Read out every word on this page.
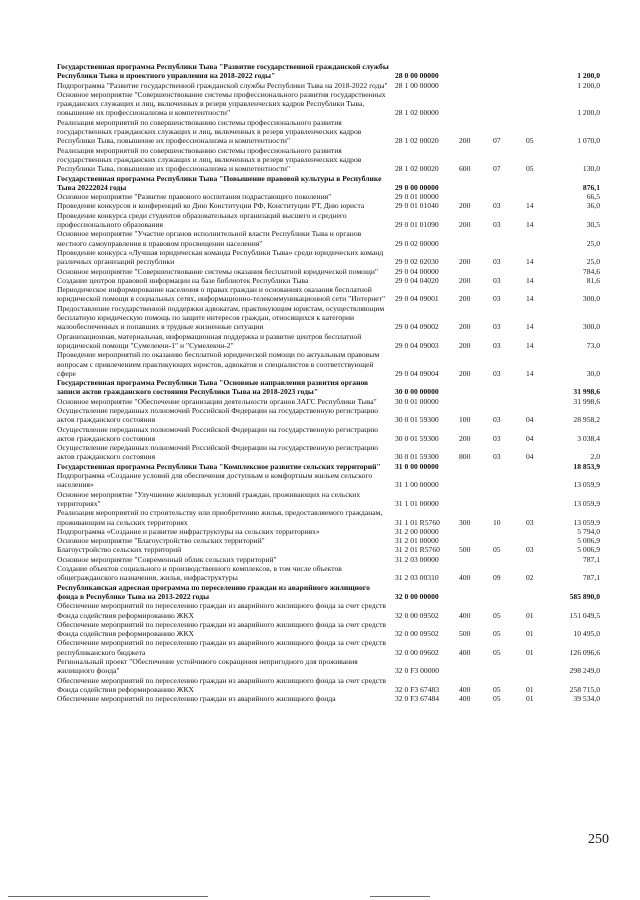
Государственная программа Республики Тыва "Развитие государственной гражданской службы Республики Тыва и проектного управления на 2018-2022 годы"	28 0 00 00000	1 200,0
Подпрограмма "Развитие государственной гражданской службы Республики Тыва на 2018-2022 годы" 28 1 00 00000	1 200,0
Основное мероприятие "Совершенствование системы профессионального развития государственных гражданских служащих и лиц, включенных в резерв управленческих кадров Республики Тыва, повышение их профессионализма и компетентности"	28 1 02 00000	1 200,0
Реализация мероприятий по совершенствованию системы профессионального развития государственных гражданских служащих и лиц, включенных в резерв управленческих кадров Республики Тыва, повышение их профессионализма и компетентности"	28 1 02 00020	200	07	05	1 070,0
Реализация мероприятий по совершенствованию системы профессионального развития государственных гражданских служащих и лиц, включенных в резерв управленческих кадров Республики Тыва, повышение их профессионализма и компетентности"	28 1 02 00020	600	07	05	130,0
Государственная программа Республики Тыва "Повышение правовой культуры в Республике Тыва 20222024 годы	29 0 00 00000	876,1
Основное мероприятие "Развитие правового воспитания подрастающего поколения"	29 0 01 00000	66,5
Проведение конкурсов и конференций ко Дню Конституции РФ, Конституции РТ, Дню юриста	29 0 01 01040	200	03	14	36,0
Проведение конкурса среди студентов образовательных организаций высшего и среднего профессионального образования	29 0 01 01090	200	03	14	30,5
Основное мероприятие "Участие органов исполнительной власти Республики Тыва и органов местного самоуправления в правовом просвещении населения"	29 0 02 00000	25,0
Проведение конкурса «Лучшая юридическая команда Республики Тыва» среди юридических команд различных организаций республики	29 0 02 02030	200	03	14	25,0
Основное мероприятие "Совершенствование системы оказания бесплатной юридической помощи"	29 0 04 00000	784,6
Создание центров правовой информации на базе библиотек Республики Тыва	29 0 04 04020	200	03	14	81,6
Периодическое информирование населения о правах граждан и основаниях оказания бесплатной юридической помощи в социальных сетях, информационно-телекоммуникационной сети "Интернет"	29 0 04 09001	200	03	14	300,0
Предоставление государственной поддержки адвокатам, практикующим юристам, осуществляющим бесплатную юридическую помощь по защите интересов граждан, относящихся к категории малообеспеченных и попавших в трудные жизненные ситуации	29 0 04 09002	200	03	14	300,0
Организационная, материальная, информационная поддержка и развитие центров бесплатной юридической помощи "Сумелекчи-1" и "Сумелекчи-2"	29 0 04 09003	200	03	14	73,0
Проведение мероприятий по оказанию бесплатной юридической помощи по актуальным правовым вопросам с привлечением практикующих юристов, адвокатов и специалистов в соответствующей сфере	29 0 04 09004	200	03	14	30,0
Государственная программа Республики Тыва "Основные направления развития органов записи актов гражданского состояния Республики Тыва на 2018-2023 годы"	30 0 00 00000	31 998,6
Основное мероприятие "Обеспечение организации деятельности органов ЗАГС Республики Тыва"	30 0 01 00000	31 998,6
Осуществление переданных полномочий Российской Федерации на государственную регистрацию актов гражданского состояния	30 0 01 59300	100	03	04	28 958,2
Осуществление переданных полномочий Российской Федерации на государственную регистрацию актов гражданского состояния	30 0 01 59300	200	03	04	3 038,4
Осуществление переданных полномочий Российской Федерации на государственную регистрацию актов гражданского состояния	30 0 01 59300	800	03	04	2,0
Государственная программа Республики Тыва "Комплексное развитие сельских территорий"	31 0 00 00000	18 853,9
Подпрограмма «Создание условий для обеспечения доступным и комфортным жильем сельского населения»	31 1 00 00000	13 059,9
Основное мероприятие "Улучшение жилищных условий граждан, проживающих на сельских территориях"	31 1 01 00000	13 059,9
Реализация мероприятий по строительству или приобретению жилья, предоставляемого гражданам, проживающим на сельских территориях	31 1 01 R5760	300	10	03	13 059,9
Подпрограмма «Создание и развитие инфраструктуры на сельских территориях»	31 2 00 00000	5 794,0
Основное мероприятие "Благоустройство сельских территорий"	31 2 01 00000	5 006,9
Благоустройство сельских территорий	31 2 01 R5760	500	05	03	5 006,9
Основное мероприятие "Современный облик сельских территорий"	31 2 03 00000	787,1
Создание объектов социального и производственного комплексов, в том числе объектов общегражданского назначения, жилья, инфраструктуры	31 2 03 00310	400	09	02	787,1
Республиканская адресная программа по переселению граждан из аварийного жилищного фонда в Республике Тыва на 2013-2022 годы	32 0 00 00000	585 890,0
Обеспечение мероприятий по переселению граждан из аварийного жилищного фонда за счет средств Фонда содействия реформированию ЖКХ	32 0 00 09502	400	05	01	151 049,5
Обеспечение мероприятий по переселению граждан из аварийного жилищного фонда за счет средств Фонда содействия реформированию ЖКХ	32 0 00 09502	500	05	01	10 495,0
Обеспечение мероприятий по переселению граждан из аварийного жилищного фонда за счет средств республиканского бюджета	32 0 00 09602	400	05	01	126 096,6
Региональный проект "Обеспечение устойчивого сокращения непригодного для проживания жилищного фонда"	32 0 F3 00000	298 249,0
Обеспечение мероприятий по переселению граждан из аварийного жилищного фонда за счет средств Фонда содействия реформированию ЖКХ	32 0 F3 67483	400	05	01	258 715,0
Обеспечение мероприятий по переселению граждан из аварийного жилищного фонда	32 0 F3 67484	400	05	01	39 534,0
250
